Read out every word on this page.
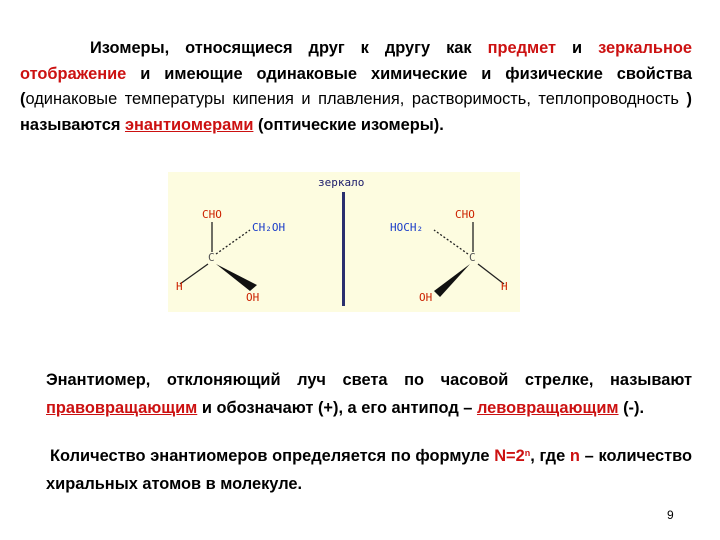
Изомеры, относящиеся друг к другу как предмет и зеркальное отображение и имеющие одинаковые химические и физические свойства (одинаковые температуры кипения и плавления, растворимость, теплопроводность ) называются энантиомерами (оптические изомеры).

зеркало
CHO
CH₂OH
C
H
OH
CHO
HOCH₂
C
H
OH

Энантиомер, отклоняющий луч света по часовой стрелке, называют правовращающим и обозначают (+), а его антипод – левовращающим (-).

Количество энантиомеров определяется по формуле $N=2^n$, где n – количество хиральных атомов в молекуле.

9
